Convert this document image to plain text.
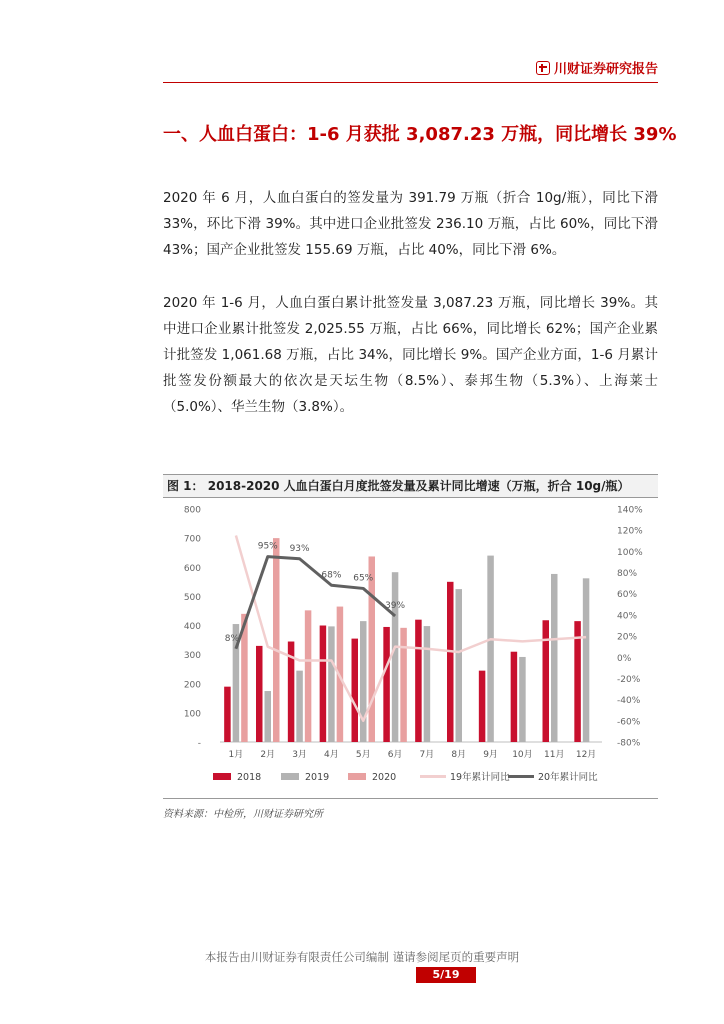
川财证券研究报告
一、人血白蛋白：1-6 月获批 3,087.23 万瓶，同比增长 39%
2020 年 6 月，人血白蛋白的签发量为 391.79 万瓶（折合 10g/瓶），同比下滑 33%，环比下滑 39%。其中进口企业批签发 236.10 万瓶，占比 60%，同比下滑 43%；国产企业批签发 155.69 万瓶，占比 40%，同比下滑 6%。
2020 年 1-6 月，人血白蛋白累计批签发量 3,087.23 万瓶，同比增长 39%。其中进口企业累计批签发 2,025.55 万瓶，占比 66%，同比增长 62%；国产企业累计批签发 1,061.68 万瓶，占比 34%，同比增长 9%。国产企业方面，1-6 月累计批签发份额最大的依次是天坛生物（8.5%）、泰邦生物（5.3%）、上海莱士（5.0%）、华兰生物（3.8%）。
图 1： 2018-2020 人血白蛋白月度批签发量及累计同比增速（万瓶，折合 10g/瓶）
-
100
200
300
400
500
600
700
800
-80%
-60%
-40%
-20%
0%
20%
40%
60%
80%
100%
120%
140%
8%
95% 93%
68% 65%
39%
1月 2月 3月 4月 5月 6月 7月 8月 9月 10月 11月 12月
2018	2019	2020	19年累计同比	20年累计同比
资料来源：中检所，川财证券研究所
本报告由川财证券有限责任公司编制 谨请参阅尾页的重要声明
5/19
